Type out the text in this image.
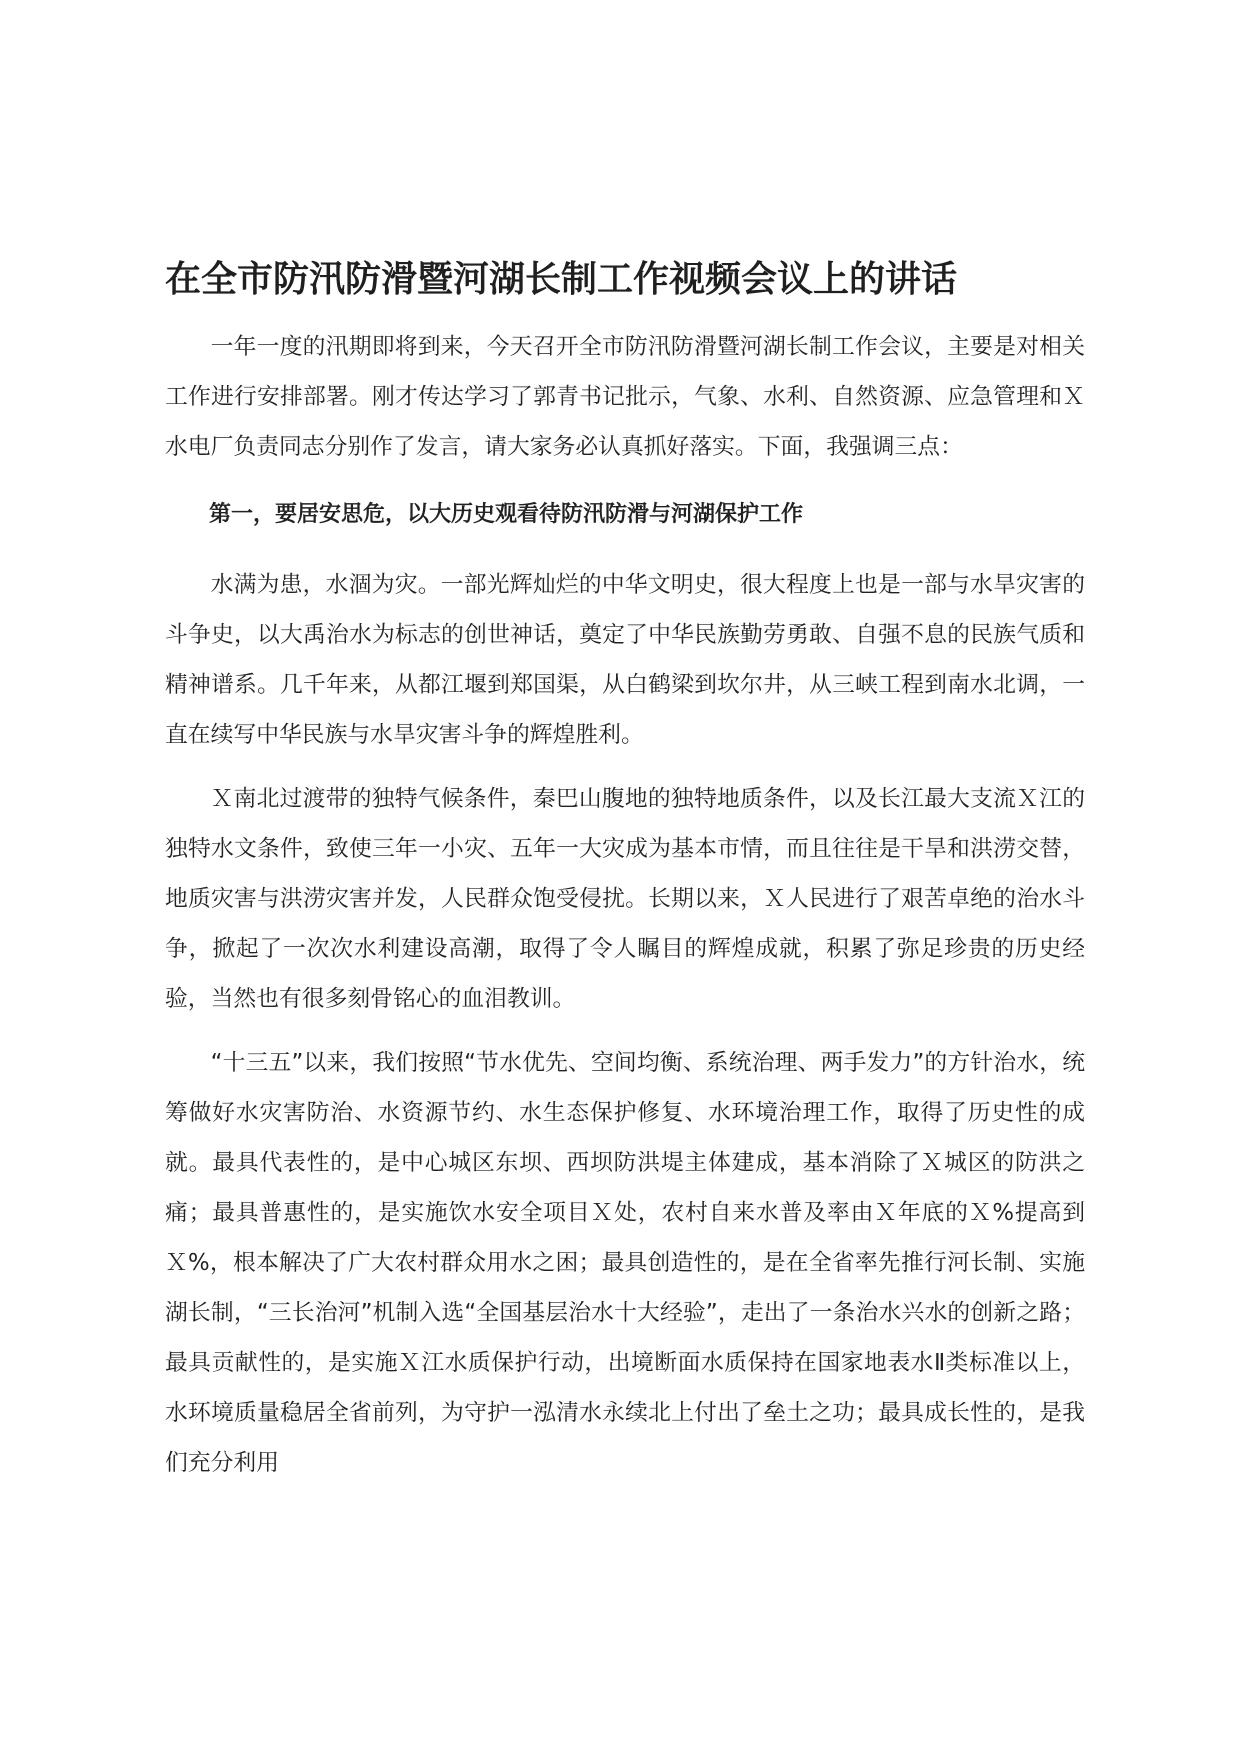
在全市防汛防滑暨河湖长制工作视频会议上的讲话

一年一度的汛期即将到来，今天召开全市防汛防滑暨河湖长制工作会议，主要是对相关工作进行安排部署。刚才传达学习了郭青书记批示，气象、水利、自然资源、应急管理和Ｘ水电厂负责同志分别作了发言，请大家务必认真抓好落实。下面，我强调三点：

第一，要居安思危，以大历史观看待防汛防滑与河湖保护工作

水满为患，水涸为灾。一部光辉灿烂的中华文明史，很大程度上也是一部与水旱灾害的斗争史，以大禹治水为标志的创世神话，奠定了中华民族勤劳勇敢、自强不息的民族气质和精神谱系。几千年来，从都江堰到郑国渠，从白鹤梁到坎尔井，从三峡工程到南水北调，一直在续写中华民族与水旱灾害斗争的辉煌胜利。

Ｘ南北过渡带的独特气候条件，秦巴山腹地的独特地质条件，以及长江最大支流Ｘ江的独特水文条件，致使三年一小灾、五年一大灾成为基本市情，而且往往是干旱和洪涝交替，地质灾害与洪涝灾害并发，人民群众饱受侵扰。长期以来，Ｘ人民进行了艰苦卓绝的治水斗争，掀起了一次次水利建设高潮，取得了令人瞩目的辉煌成就，积累了弥足珍贵的历史经验，当然也有很多刻骨铭心的血泪教训。

“十三五”以来，我们按照“节水优先、空间均衡、系统治理、两手发力”的方针治水，统筹做好水灾害防治、水资源节约、水生态保护修复、水环境治理工作，取得了历史性的成就。最具代表性的，是中心城区东坝、西坝防洪堤主体建成，基本消除了Ｘ城区的防洪之痛；最具普惠性的，是实施饮水安全项目Ｘ处，农村自来水普及率由Ｘ年底的Ｘ%提高到Ｘ%，根本解决了广大农村群众用水之困；最具创造性的，是在全省率先推行河长制、实施湖长制，“三长治河”机制入选“全国基层治水十大经验”，走出了一条治水兴水的创新之路；最具贡献性的，是实施Ｘ江水质保护行动，出境断面水质保持在国家地表水Ⅱ类标准以上，水环境质量稳居全省前列，为守护一泓清水永续北上付出了垒土之功；最具成长性的，是我们充分利用
